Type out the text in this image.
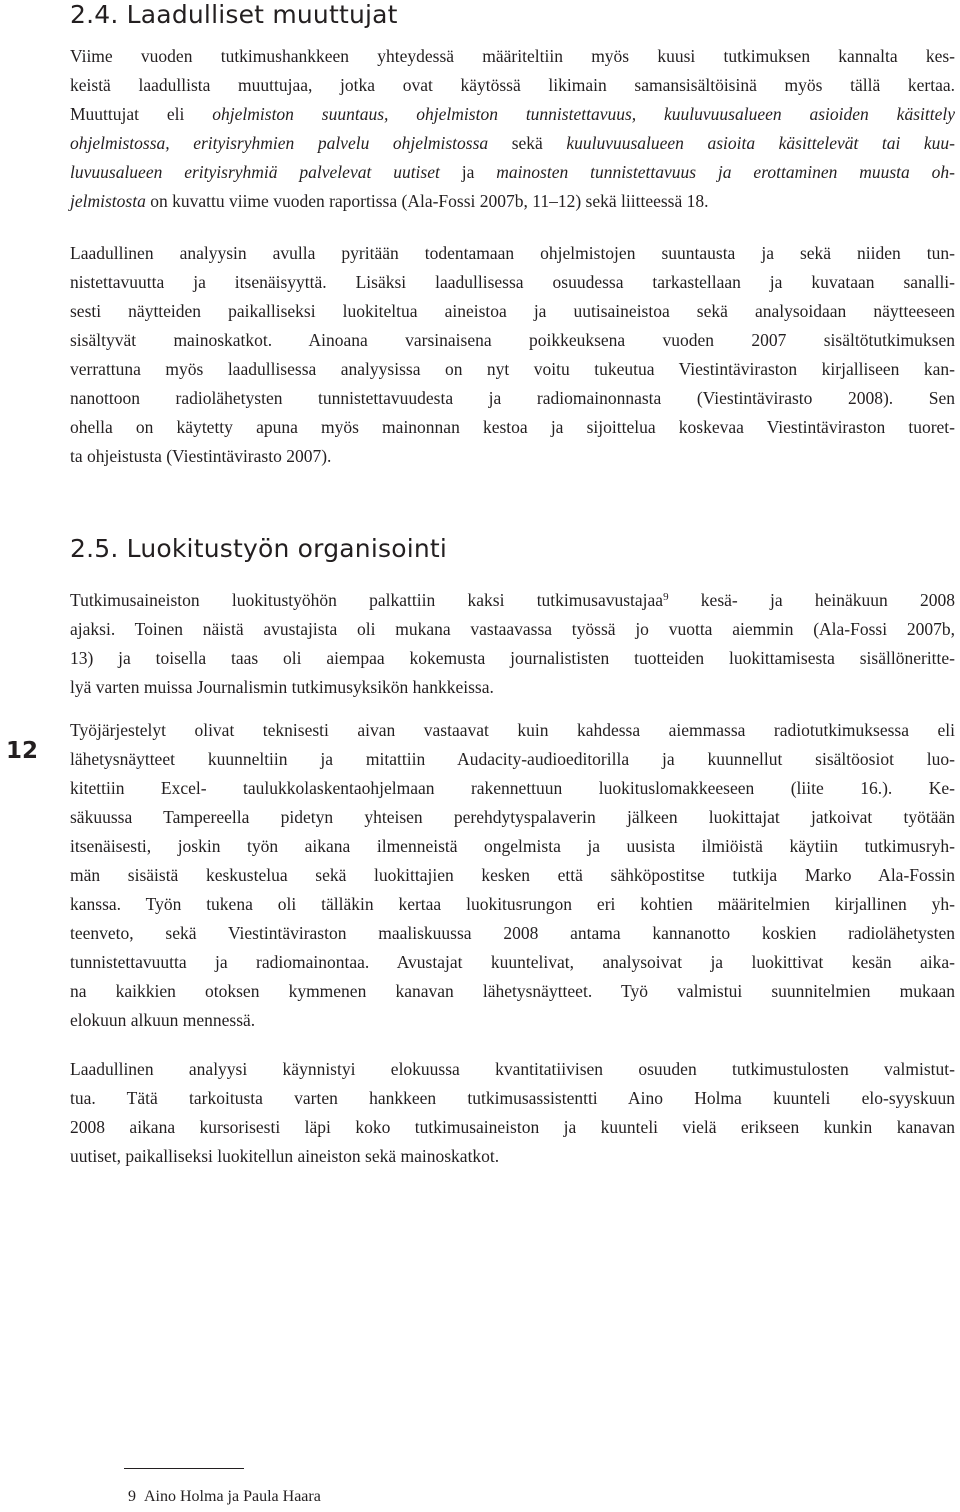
2.4. Laadulliset muuttujat
Viime vuoden tutkimushankkeen yhteydessä määriteltiin myös kuusi tutkimuksen kannalta kes-
keistä laadullista muuttujaa, jotka ovat käytössä likimain samansisältöisinä myös tällä kertaa.
Muuttujat eli ohjelmiston suuntaus, ohjelmiston tunnistettavuus, kuuluvuusalueen asioiden käsittely
ohjelmistossa, erityisryhmien palvelu ohjelmistossa sekä kuuluvuusalueen asioita käsittelevät tai kuu-
luvuusalueen erityisryhmiä palvelevat uutiset ja mainosten tunnistettavuus ja erottaminen muusta oh-
jelmistosta on kuvattu viime vuoden raportissa (Ala-Fossi 2007b, 11–12) sekä liitteessä 18.
Laadullinen analyysin avulla pyritään todentamaan ohjelmistojen suuntausta ja sekä niiden tun-
nistettavuutta ja itsenäisyyttä. Lisäksi laadullisessa osuudessa tarkastellaan ja kuvataan sanalli-
sesti näytteiden paikalliseksi luokiteltua aineistoa ja uutisaineistoa sekä analysoidaan näytteeseen
sisältyvät mainoskatkot. Ainoana varsinaisena poikkeuksena vuoden 2007 sisältötutkimuksen
verrattuna myös laadullisessa analyysissa on nyt voitu tukeutua Viestintäviraston kirjalliseen kan-
nanottoon radiolähetysten tunnistettavuudesta ja radiomainonnasta (Viestintävirasto 2008). Sen
ohella on käytetty apuna myös mainonnan kestoa ja sijoittelua koskevaa Viestintäviraston tuoret-
ta ohjeistusta (Viestintävirasto 2007).
2.5. Luokitustyön organisointi
Tutkimusaineiston luokitustyöhön palkattiin kaksi tutkimusavustajaa$^9$ kesä- ja heinäkuun 2008
ajaksi. Toinen näistä avustajista oli mukana vastaavassa työssä jo vuotta aiemmin (Ala-Fossi 2007b,
13) ja toisella taas oli aiempaa kokemusta journalististen tuotteiden luokittamisesta sisällöneritte-
lyä varten muissa Journalismin tutkimusyksikön hankkeissa.
Työjärjestelyt olivat teknisesti aivan vastaavat kuin kahdessa aiemmassa radiotutkimuksessa eli
lähetysnäytteet kuunneltiin ja mitattiin Audacity-audioeditorilla ja kuunnellut sisältöosiot luo-
kitettiin Excel- taulukkolaskentaohjelmaan rakennettuun luokituslomakkeeseen (liite 16.). Ke-
säkuussa Tampereella pidetyn yhteisen perehdytyspalaverin jälkeen luokittajat jatkoivat työtään
itsenäisesti, joskin työn aikana ilmenneistä ongelmista ja uusista ilmiöistä käytiin tutkimusryh-
män sisäistä keskustelua sekä luokittajien kesken että sähköpostitse tutkija Marko Ala-Fossin
kanssa. Työn tukena oli tälläkin kertaa luokitusrungon eri kohtien määritelmien kirjallinen yh-
teenveto, sekä Viestintäviraston maaliskuussa 2008 antama kannanotto koskien radiolähetysten
tunnistettavuutta ja radiomainontaa. Avustajat kuuntelivat, analysoivat ja luokittivat kesän aika-
na kaikkien otoksen kymmenen kanavan lähetysnäytteet. Työ valmistui suunnitelmien mukaan
elokuun alkuun mennessä.
Laadullinen analyysi käynnistyi elokuussa kvantitatiivisen osuuden tutkimustulosten valmistut-
tua. Tätä tarkoitusta varten hankkeen tutkimusassistentti Aino Holma kuunteli elo-syyskuun
2008 aikana kursorisesti läpi koko tutkimusaineiston ja kuunteli vielä erikseen kunkin kanavan
uutiset, paikalliseksi luokitellun aineiston sekä mainoskatkot.
12
9 Aino Holma ja Paula Haara
